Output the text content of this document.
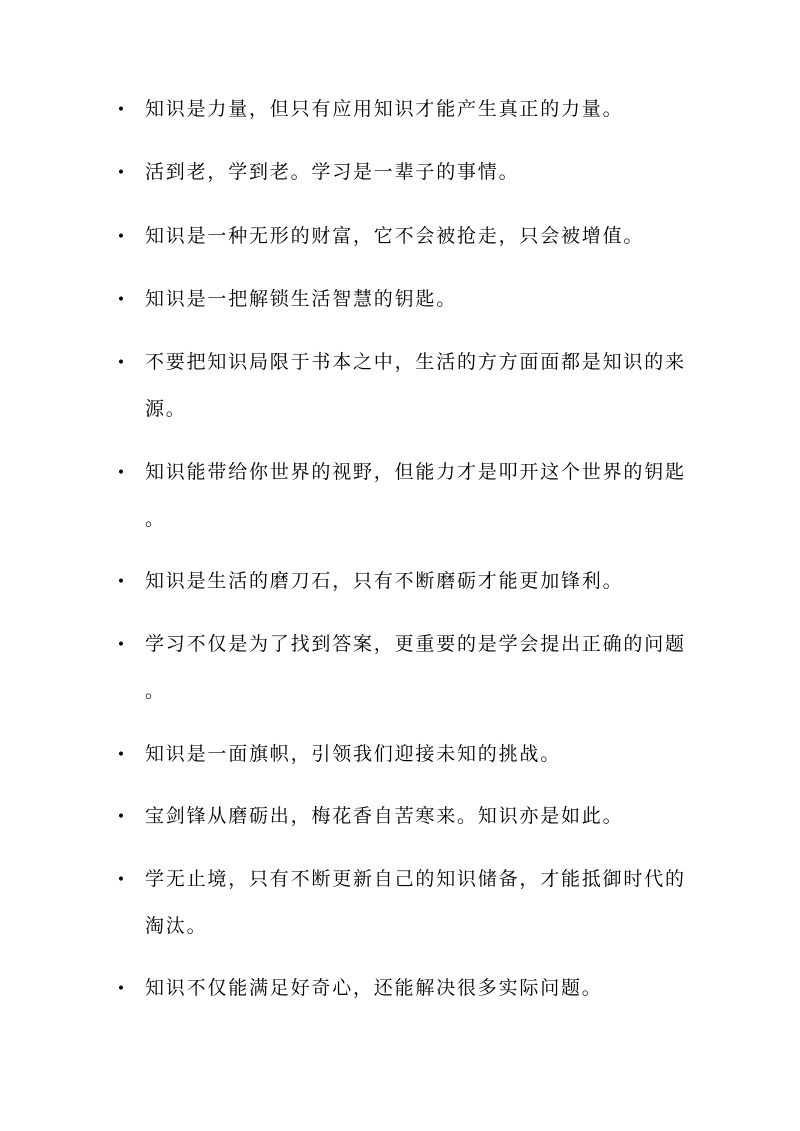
• 知识是力量，但只有应用知识才能产生真正的力量。
• 活到老，学到老。学习是一辈子的事情。
• 知识是一种无形的财富，它不会被抢走，只会被增值。
• 知识是一把解锁生活智慧的钥匙。
• 不要把知识局限于书本之中，生活的方方面面都是知识的来
源。
• 知识能带给你世界的视野，但能力才是叩开这个世界的钥匙
。
• 知识是生活的磨刀石，只有不断磨砺才能更加锋利。
• 学习不仅是为了找到答案，更重要的是学会提出正确的问题
。
• 知识是一面旗帜，引领我们迎接未知的挑战。
• 宝剑锋从磨砺出，梅花香自苦寒来。知识亦是如此。
• 学无止境，只有不断更新自己的知识储备，才能抵御时代的
淘汰。
• 知识不仅能满足好奇心，还能解决很多实际问题。
